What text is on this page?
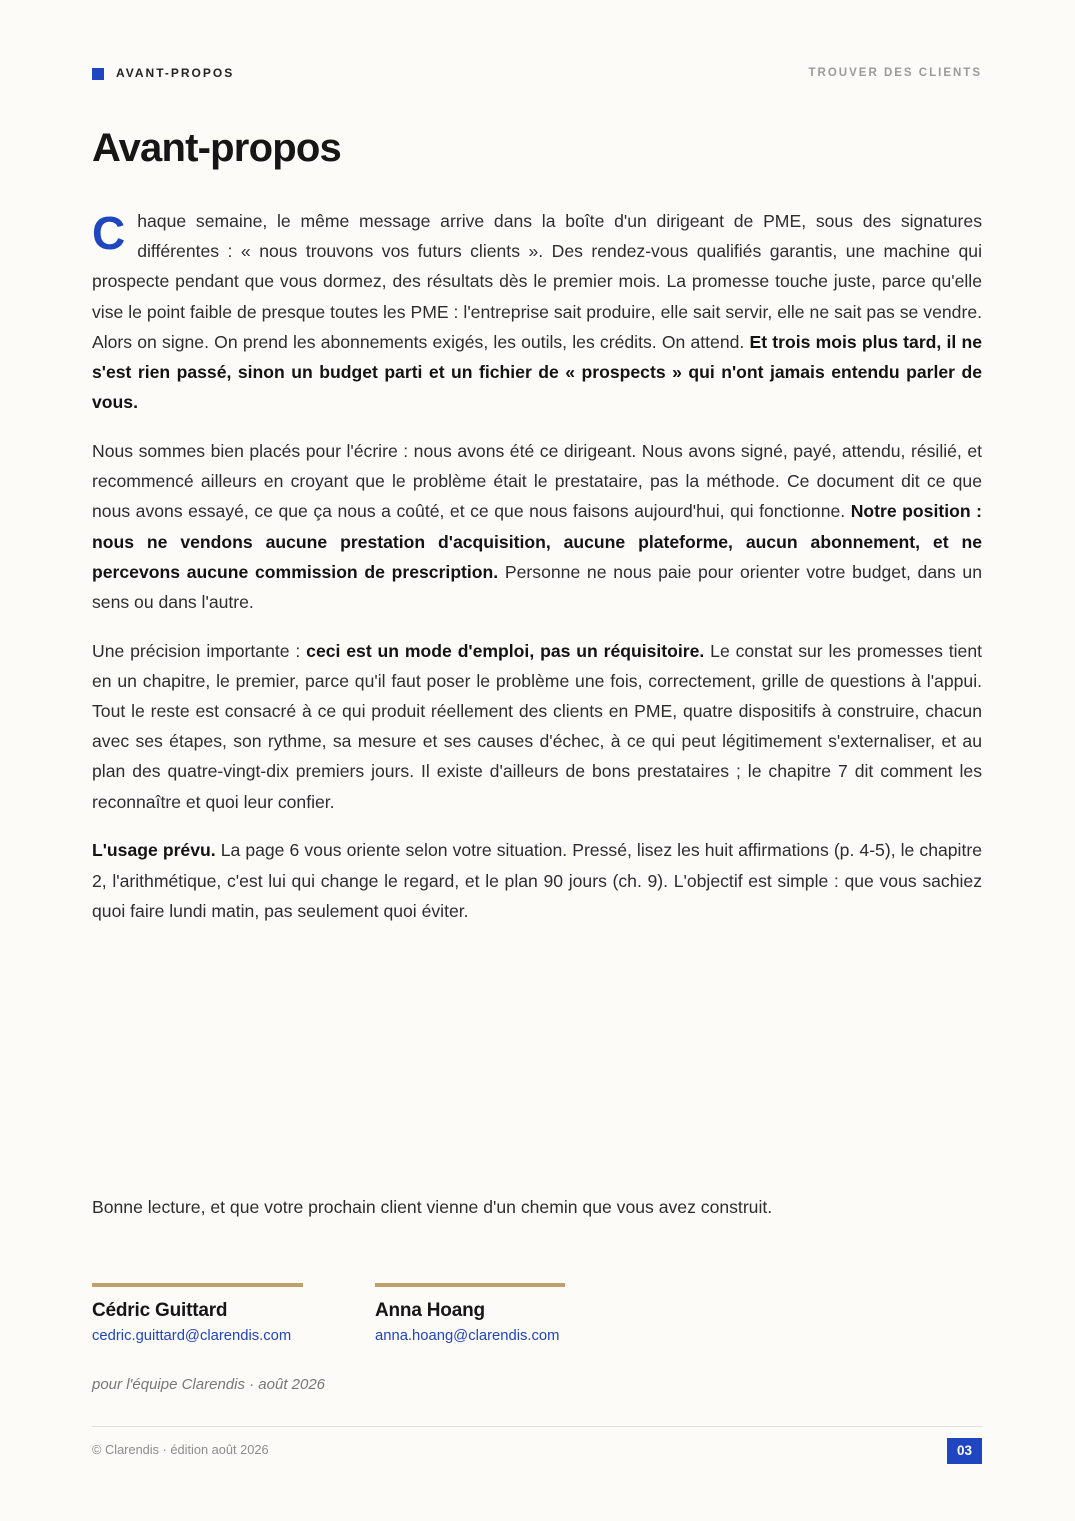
AVANT-PROPOS	TROUVER DES CLIENTS
Avant-propos

Chaque semaine, le même message arrive dans la boîte d'un dirigeant de PME, sous des signatures différentes : « nous trouvons vos futurs clients ». Des rendez-vous qualifiés garantis, une machine qui prospecte pendant que vous dormez, des résultats dès le premier mois. La promesse touche juste, parce qu'elle vise le point faible de presque toutes les PME : l'entreprise sait produire, elle sait servir, elle ne sait pas se vendre. Alors on signe. On prend les abonnements exigés, les outils, les crédits. On attend. Et trois mois plus tard, il ne s'est rien passé, sinon un budget parti et un fichier de « prospects » qui n'ont jamais entendu parler de vous.

Nous sommes bien placés pour l'écrire : nous avons été ce dirigeant. Nous avons signé, payé, attendu, résilié, et recommencé ailleurs en croyant que le problème était le prestataire, pas la méthode. Ce document dit ce que nous avons essayé, ce que ça nous a coûté, et ce que nous faisons aujourd'hui, qui fonctionne. Notre position : nous ne vendons aucune prestation d'acquisition, aucune plateforme, aucun abonnement, et ne percevons aucune commission de prescription. Personne ne nous paie pour orienter votre budget, dans un sens ou dans l'autre.

Une précision importante : ceci est un mode d'emploi, pas un réquisitoire. Le constat sur les promesses tient en un chapitre, le premier, parce qu'il faut poser le problème une fois, correctement, grille de questions à l'appui. Tout le reste est consacré à ce qui produit réellement des clients en PME, quatre dispositifs à construire, chacun avec ses étapes, son rythme, sa mesure et ses causes d'échec, à ce qui peut légitimement s'externaliser, et au plan des quatre-vingt-dix premiers jours. Il existe d'ailleurs de bons prestataires ; le chapitre 7 dit comment les reconnaître et quoi leur confier.

L'usage prévu. La page 6 vous oriente selon votre situation. Pressé, lisez les huit affirmations (p. 4-5), le chapitre 2, l'arithmétique, c'est lui qui change le regard, et le plan 90 jours (ch. 9). L'objectif est simple : que vous sachiez quoi faire lundi matin, pas seulement quoi éviter.

Bonne lecture, et que votre prochain client vienne d'un chemin que vous avez construit.
Cédric Guittard
cedric.guittard@clarendis.com
Anna Hoang
anna.hoang@clarendis.com
pour l'équipe Clarendis · août 2026
© Clarendis · édition août 2026	03
